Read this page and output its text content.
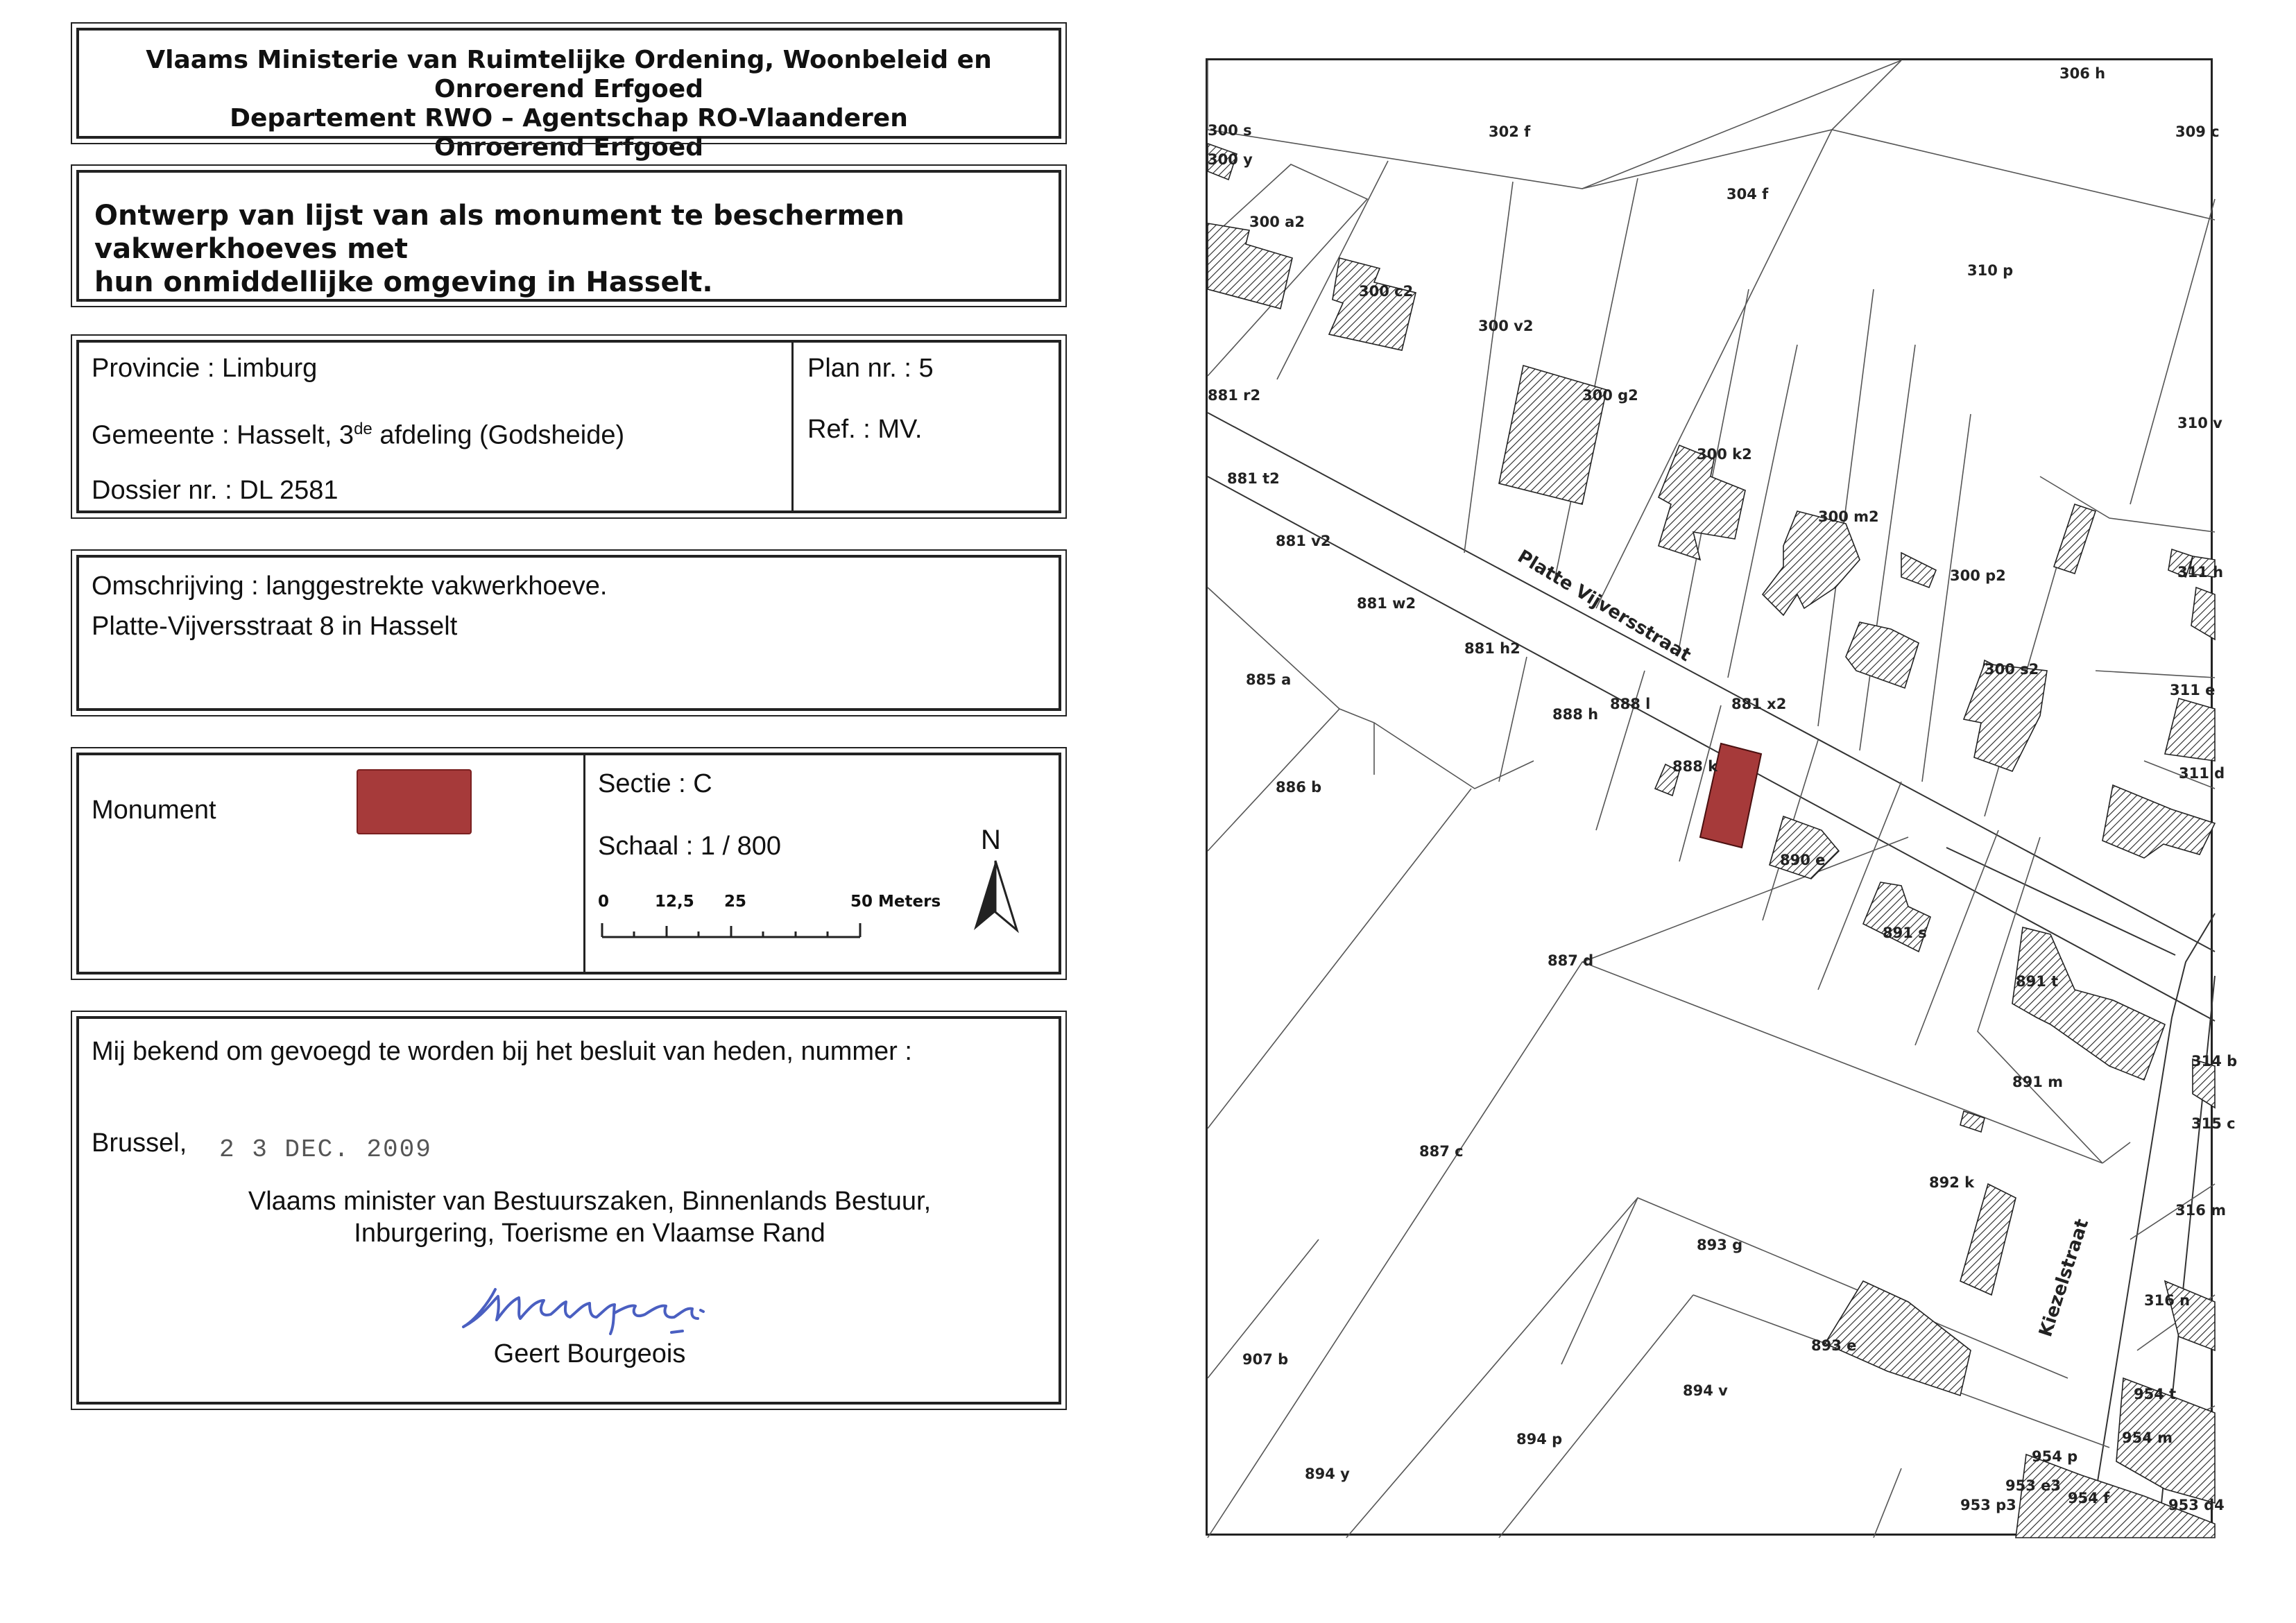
Vlaams Ministerie van Ruimtelijke Ordening, Woonbeleid en Onroerend Erfgoed
Departement RWO – Agentschap RO-Vlaanderen
Onroerend Erfgoed
Ontwerp van lijst van als monument te beschermen vakwerkhoeves met
hun onmiddellijke omgeving in Hasselt.
Provincie : Limburg
Gemeente : Hasselt, 3de afdeling (Godsheide)
Dossier nr. : DL 2581
Plan nr. : 5
Ref. : MV.
Omschrijving : langgestrekte vakwerkhoeve.
Platte-Vijversstraat 8 in Hasselt
Monument
Sectie : C
Schaal : 1 / 800
0	12,5 25	50 Meters
N
Mij bekend om gevoegd te worden bij het besluit van heden, nummer :
Brussel, 2 3 DEC. 2009
Vlaams minister van Bestuurszaken, Binnenlands Bestuur,
Inburgering, Toerisme en Vlaamse Rand
Geert Bourgeois
306 h
309 c
300 s
300 y
302 f
304 f
300 a2
300 c2
310 p
300 v2
881 r2	300 g2
310 v
300 k2
881 t2
300 m2
881 v2
300 p2	311 h
881 w2
881 h2
300 s2
885 a
311 e
888 l	881 x2
888 h
888 k	311 d
886 b
890 e
891 s
887 d
891 t
314 b
891 m
315 c
887 c
892 k
316 m
893 g
316 n
893 e
907 b
894 v	954 t
894 p	954 m
954 p
894 y
953 e3
954 f
953 p3	953 d4
Platte Vijversstraat
Kiezelstraat
